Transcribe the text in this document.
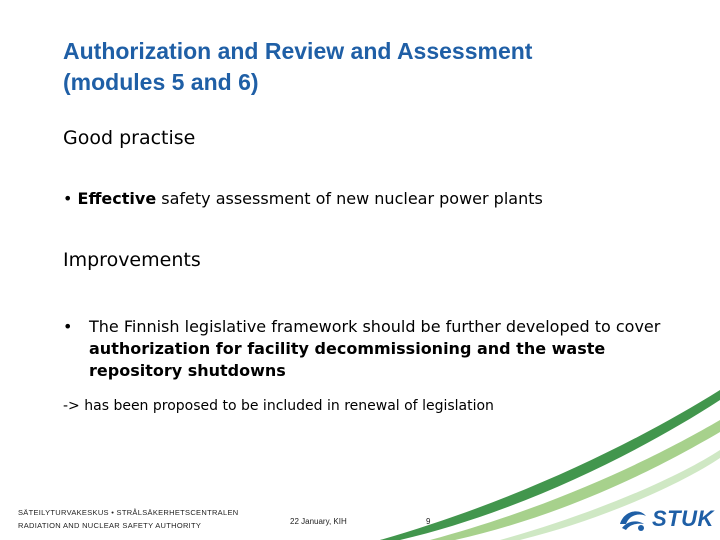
Authorization and Review and Assessment
(modules 5 and 6)
Good practise
• Effective safety assessment of new nuclear power plants
Improvements
• The Finnish legislative framework should be further developed to cover authorization for facility decommissioning and the waste repository shutdowns
-> has been proposed to be included in renewal of legislation
SÄTEILYTURVAKESKUS • STRÅLSÄKERHETSCENTRALEN
RADIATION AND NUCLEAR SAFETY AUTHORITY	22 January, KIH	9	STUK
